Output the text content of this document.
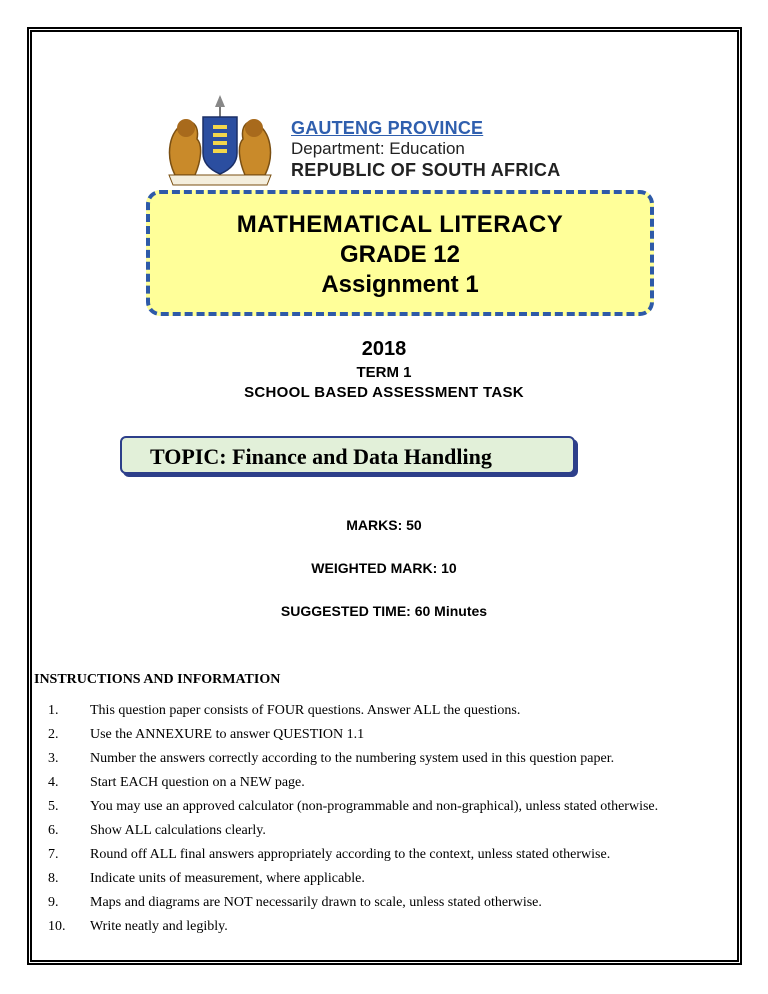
GAUTENG PROVINCE
Department: Education
REPUBLIC OF SOUTH AFRICA
MATHEMATICAL LITERACY
GRADE 12
Assignment 1
2018
TERM 1
SCHOOL BASED ASSESSMENT TASK
TOPIC: Finance and Data Handling
MARKS: 50
WEIGHTED MARK: 10
SUGGESTED TIME: 60 Minutes
INSTRUCTIONS AND INFORMATION
1.	This question paper consists of FOUR questions. Answer ALL the questions.
2.	Use the ANNEXURE to answer QUESTION 1.1
3.	Number the answers correctly according to the numbering system used in this question paper.
4.	Start EACH question on a NEW page.
5.	You may use an approved calculator (non-programmable and non-graphical), unless stated otherwise.
6.	Show ALL calculations clearly.
7.	Round off ALL final answers appropriately according to the context, unless stated otherwise.
8.	Indicate units of measurement, where applicable.
9.	Maps and diagrams are NOT necessarily drawn to scale, unless stated otherwise.
10.	Write neatly and legibly.
